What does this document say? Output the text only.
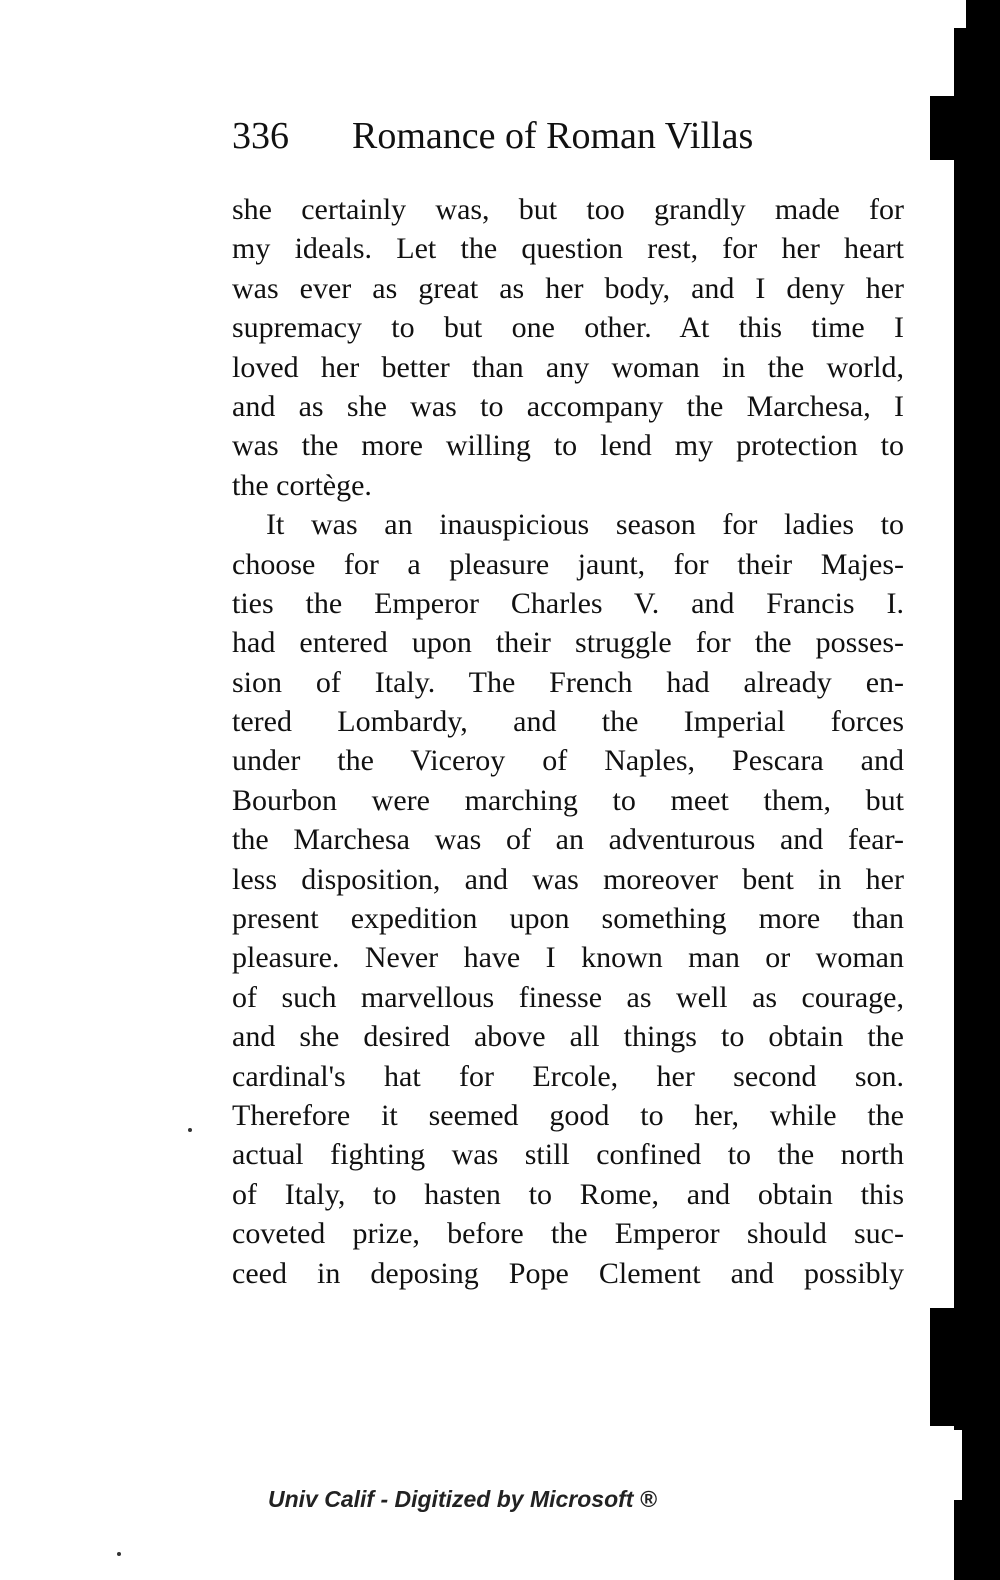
336 Romance of Roman Villas
she certainly was, but too grandly made for
my ideals. Let the question rest, for her heart
was ever as great as her body, and I deny her
supremacy to but one other. At this time I
loved her better than any woman in the world,
and as she was to accompany the Marchesa, I
was the more willing to lend my protection to
the cortège.
It was an inauspicious season for ladies to
choose for a pleasure jaunt, for their Majes-
ties the Emperor Charles V. and Francis I.
had entered upon their struggle for the posses-
sion of Italy. The French had already en-
tered Lombardy, and the Imperial forces
under the Viceroy of Naples, Pescara and
Bourbon were marching to meet them, but
the Marchesa was of an adventurous and fear-
less disposition, and was moreover bent in her
present expedition upon something more than
pleasure. Never have I known man or woman
of such marvellous finesse as well as courage,
and she desired above all things to obtain the
cardinal's hat for Ercole, her second son.
Therefore it seemed good to her, while the
actual fighting was still confined to the north
of Italy, to hasten to Rome, and obtain this
coveted prize, before the Emperor should suc-
ceed in deposing Pope Clement and possibly
Univ Calif - Digitized by Microsoft ®
